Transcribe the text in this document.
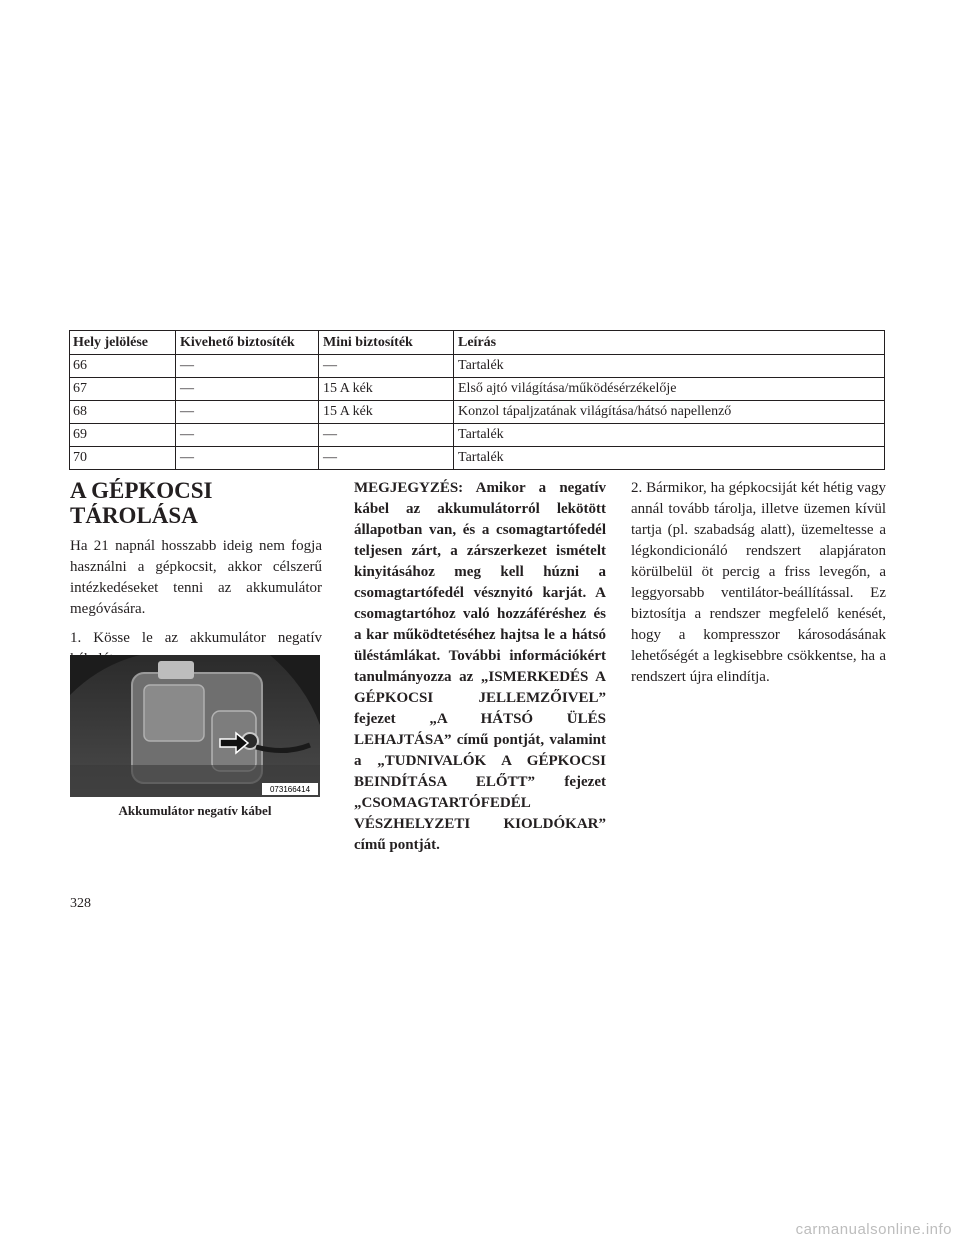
Hely jelölése	Kivehető biztosíték	Mini biztosíték	Leírás
66	—	—	Tartalék
67	—	15 A kék	Első ajtó világítása/működésérzékelője
68	—	15 A kék	Konzol tápaljzatának világítása/hátsó napellenző
69	—	—	Tartalék
70	—	—	Tartalék
A GÉPKOCSI
TÁROLÁSA

Ha 21 napnál hosszabb ideig nem fogja használni a gépkocsit, akkor célszerű intézkedéseket tenni az akkumulátor megóvására.

1. Kösse le az akkumulátor negatív

073166414
Akkumulátor negatív kábel

MEGJEGYZÉS: Amikor a negatív kábel az akkumulátorról lekötött állapotban van, és a csomagtartófedél teljesen zárt, a zárszerkezet ismételt kinyitásához meg kell húzni a csomagtartófedél vésznyitó karját. A csomagtartóhoz való hozzáféréshez és a kar működtetéséhez hajtsa le a hátsó üléstámlákat. További információkért tanulmányozza az „ISMERKEDÉS A GÉPKOCSI JELLEMZŐIVEL” fejezet „A HÁTSÓ ÜLÉS LEHAJTÁSA” című pontját, valamint a „TUDNIVALÓK A GÉPKOCSI BEINDÍTÁSA ELŐTT” fejezet „CSOMAGTARTÓFEDÉL VÉSZHELYZETI KIOLDÓKAR” című pontját.

2. Bármikor, ha gépkocsiját két hétig vagy annál tovább tárolja, illetve üzemen kívül tartja (pl. szabadság alatt), üzemeltesse a légkondicionáló rendszert alapjáraton körülbelül öt percig a friss levegőn, a leggyorsabb ventilátor-beállítással. Ez biztosítja a rendszer megfelelő kenését, hogy a kompresszor károsodásának lehetőségét a legkisebbre csökkentse, ha a rendszert újra elindítja.

328
carmanualsonline.info
